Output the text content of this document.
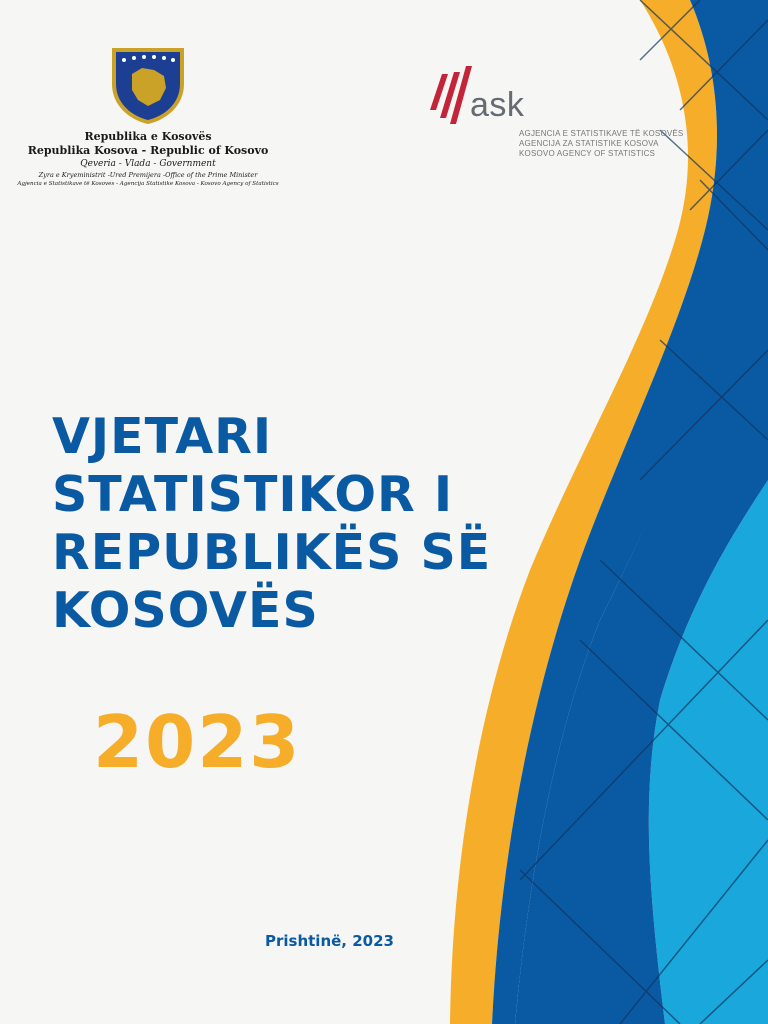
Republika e Kosovës
Republika Kosova - Republic of Kosovo
Qeveria - Vlada - Government
Zyra e Kryeministrit -Ured Premijera -Office of the Prime Minister
Agjencia e Statistikave të Kosoves - Agencija Statistike Kosova - Kosovo Agency of Statistics
ask
AGJENCIA E STATISTIKAVE TË KOSOVËS
AGENCIJA ZA STATISTIKE KOSOVA
KOSOVO AGENCY OF STATISTICS
VJETARI
STATISTIKOR I
REPUBLIKËS SË
KOSOVËS
2023
Prishtinë, 2023
